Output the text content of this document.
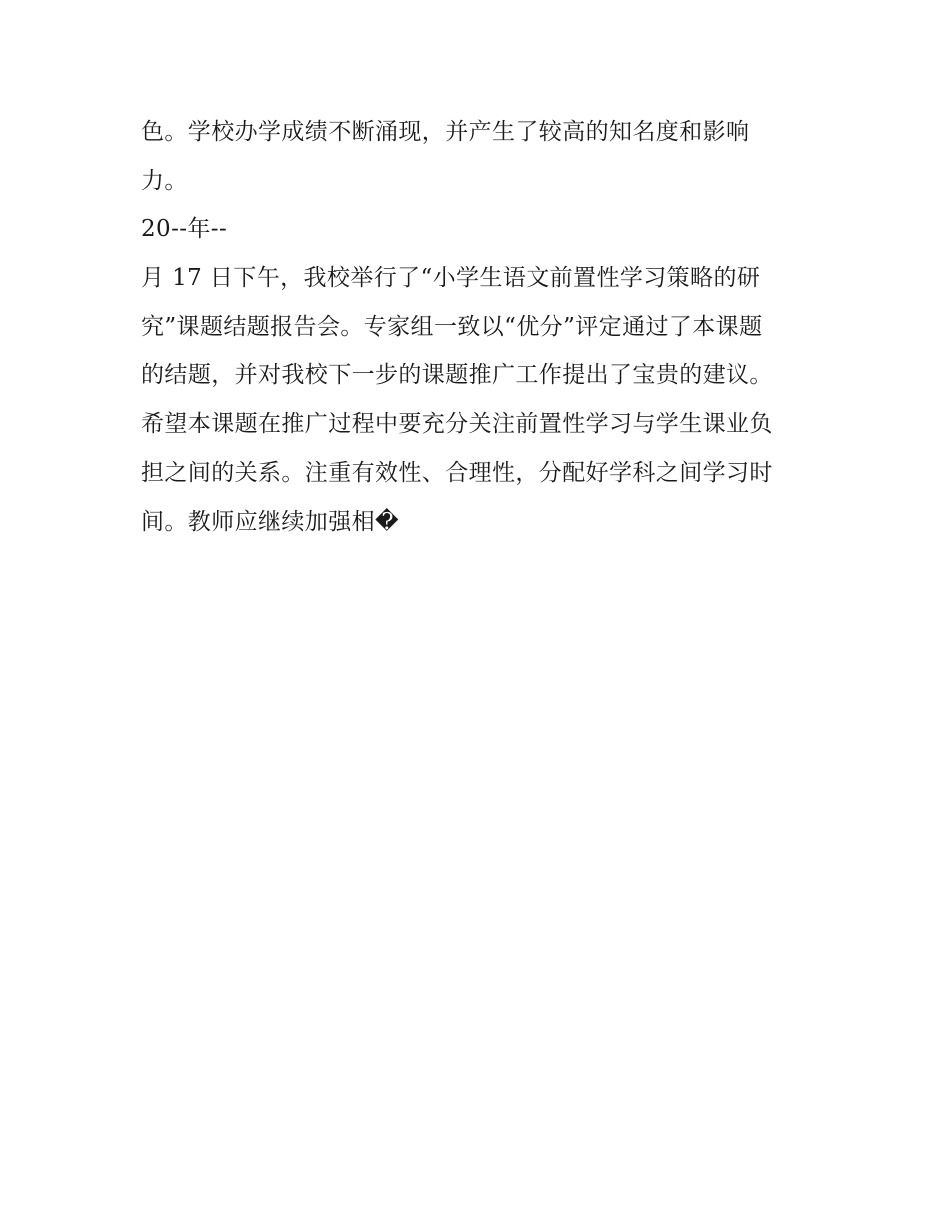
色。学校办学成绩不断涌现，并产生了较高的知名度和影响
力。
20--年--
月 17 日下午，我校举行了“小学生语文前置性学习策略的研
究”课题结题报告会。专家组一致以“优分”评定通过了本课题
的结题，并对我校下一步的课题推广工作提出了宝贵的建议。
希望本课题在推广过程中要充分关注前置性学习与学生课业负
担之间的关系。注重有效性、合理性，分配好学科之间学习时
间。教师应继续加强相�
